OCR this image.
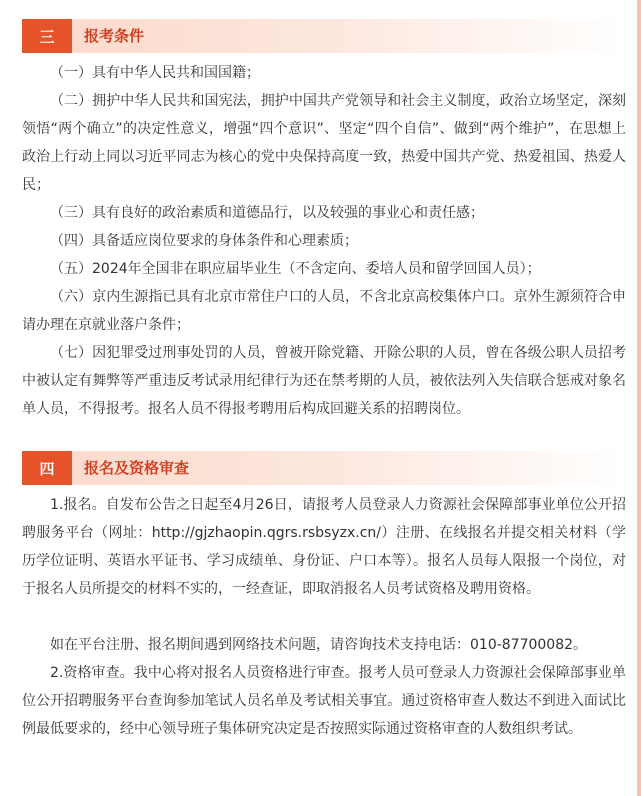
三	报考条件

（一）具有中华人民共和国国籍；

（二）拥护中华人民共和国宪法，拥护中国共产党领导和社会主义制度，政治立场坚定，深刻领悟“两个确立”的决定性意义，增强“四个意识”、坚定“四个自信”、做到“两个维护”，在思想上政治上行动上同以习近平同志为核心的党中央保持高度一致，热爱中国共产党、热爱祖国、热爱人民；

（三）具有良好的政治素质和道德品行，以及较强的事业心和责任感；

（四）具备适应岗位要求的身体条件和心理素质；

（五）2024年全国非在职应届毕业生（不含定向、委培人员和留学回国人员）；

（六）京内生源指已具有北京市常住户口的人员，不含北京高校集体户口。京外生源须符合申请办理在京就业落户条件；

（七）因犯罪受过刑事处罚的人员，曾被开除党籍、开除公职的人员，曾在各级公职人员招考中被认定有舞弊等严重违反考试录用纪律行为还在禁考期的人员，被依法列入失信联合惩戒对象名单人员，不得报考。报名人员不得报考聘用后构成回避关系的招聘岗位。

四	报名及资格审查

1.报名。自发布公告之日起至4月26日，请报考人员登录人力资源社会保障部事业单位公开招聘服务平台（网址：http://gjzhaopin.qgrs.rsbsyzx.cn/）注册、在线报名并提交相关材料（学历学位证明、英语水平证书、学习成绩单、身份证、户口本等）。报名人员每人限报一个岗位，对于报名人员所提交的材料不实的，一经查证，即取消报名人员考试资格及聘用资格。

如在平台注册、报名期间遇到网络技术问题，请咨询技术支持电话：010-87700082。

2.资格审查。我中心将对报名人员资格进行审查。报考人员可登录人力资源社会保障部事业单位公开招聘服务平台查询参加笔试人员名单及考试相关事宜。通过资格审查人数达不到进入面试比例最低要求的，经中心领导班子集体研究决定是否按照实际通过资格审查的人数组织考试。
